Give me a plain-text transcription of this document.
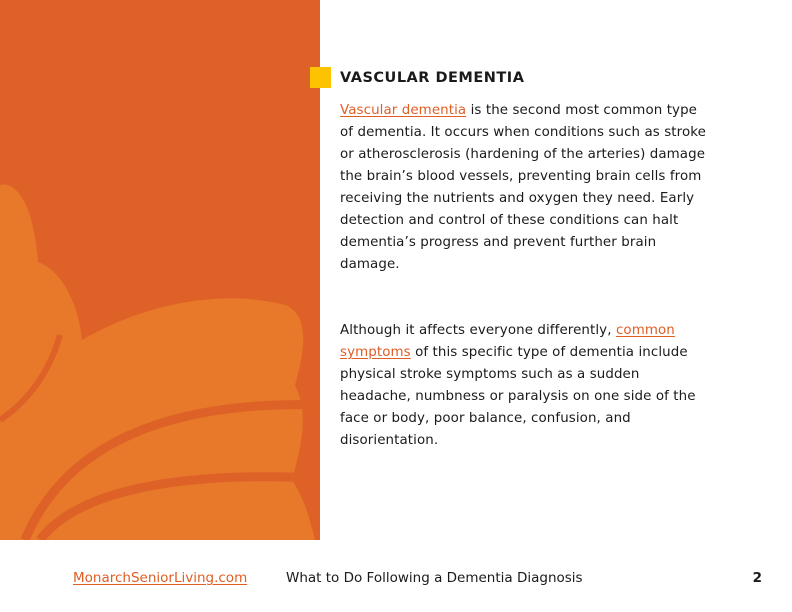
VASCULAR DEMENTIA
Vascular dementia is the second most common type of dementia. It occurs when conditions such as stroke or atherosclerosis (hardening of the arteries) damage the brain’s blood vessels, preventing brain cells from receiving the nutrients and oxygen they need. Early detection and control of these conditions can halt dementia’s progress and prevent further brain damage.
Although it affects everyone differently, common symptoms of this specific type of dementia include physical stroke symptoms such as a sudden headache, numbness or paralysis on one side of the face or body, poor balance, confusion, and disorientation.
MonarchSeniorLiving.com	What to Do Following a Dementia Diagnosis	2
